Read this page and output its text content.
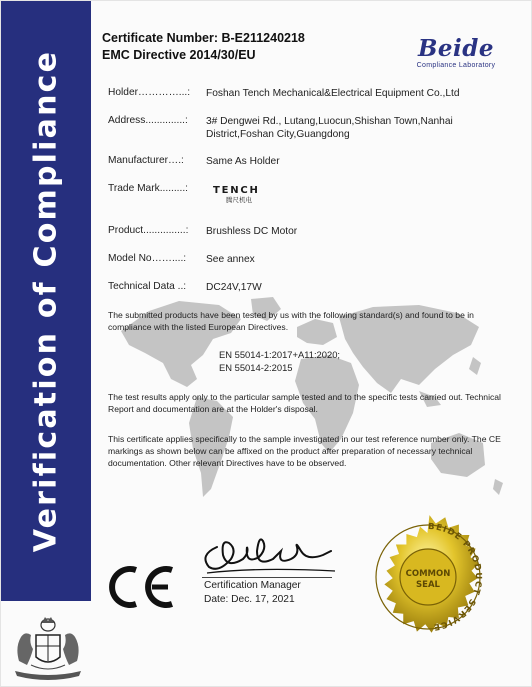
Verification of Compliance
Certificate Number: B-E211240218
EMC Directive 2014/30/EU	Beide
Compliance Laboratory
Holder…………...: Foshan Tench Mechanical&Electrical Equipment Co.,Ltd
Address..............: 3# Dengwei Rd., Lutang,Luocun,Shishan Town,Nanhai District,Foshan City,Guangdong
Manufacturer….: Same As Holder
Trade Mark.........: TENCH
腾尺机电
Product...............: Brushless DC Motor
Model No……....: See annex
Technical Data ..: DC24V,17W
The submitted products have been tested by us with the following standard(s) and found to be in compliance with the listed European Directives.
EN 55014-1:2017+A11:2020;
EN 55014-2:2015
The test results apply only to the particular sample tested and to the specific tests carried out. Technical Report and documentation are at the Holder's disposal.
This certificate applies specifically to the sample investigated in our test reference number only. The CE markings as shown below can be affixed on the product after preparation of necessary technical documentation. Other relevant Directives have to be observed.
Certification Manager
Date: Dec. 17, 2021
BEIDE PRODUCT SERVICE
COMMON
SEAL
